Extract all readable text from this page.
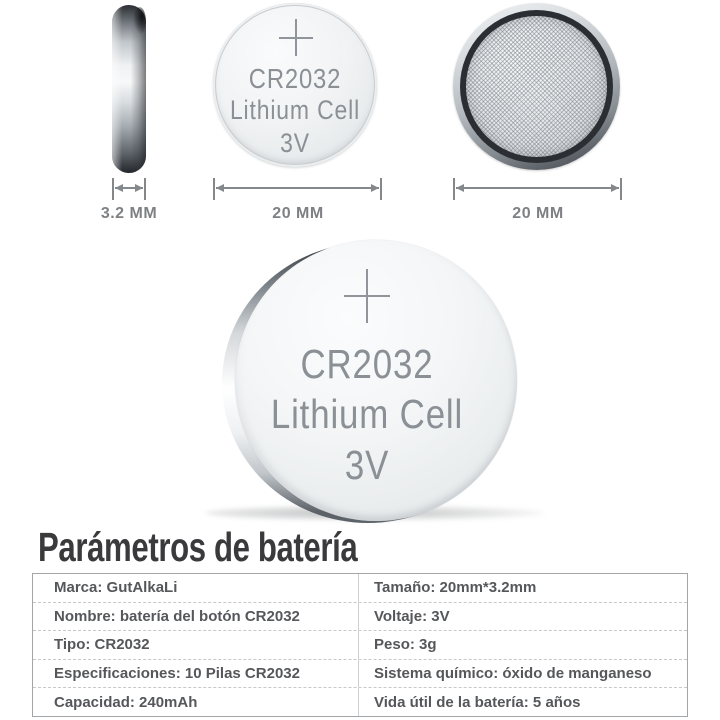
CR2032
Lithium Cell
3V
3.2 MM	20 MM	20 MM
CR2032
Lithium Cell
3V
Parámetros de batería
Marca: GutAlkaLi	Tamaño: 20mm*3.2mm
Nombre: batería del botón CR2032	Voltaje: 3V
Tipo: CR2032	Peso: 3g
Especificaciones: 10 Pilas CR2032	Sistema químico: óxido de manganeso
Capacidad: 240mAh	Vida útil de la batería: 5 años
